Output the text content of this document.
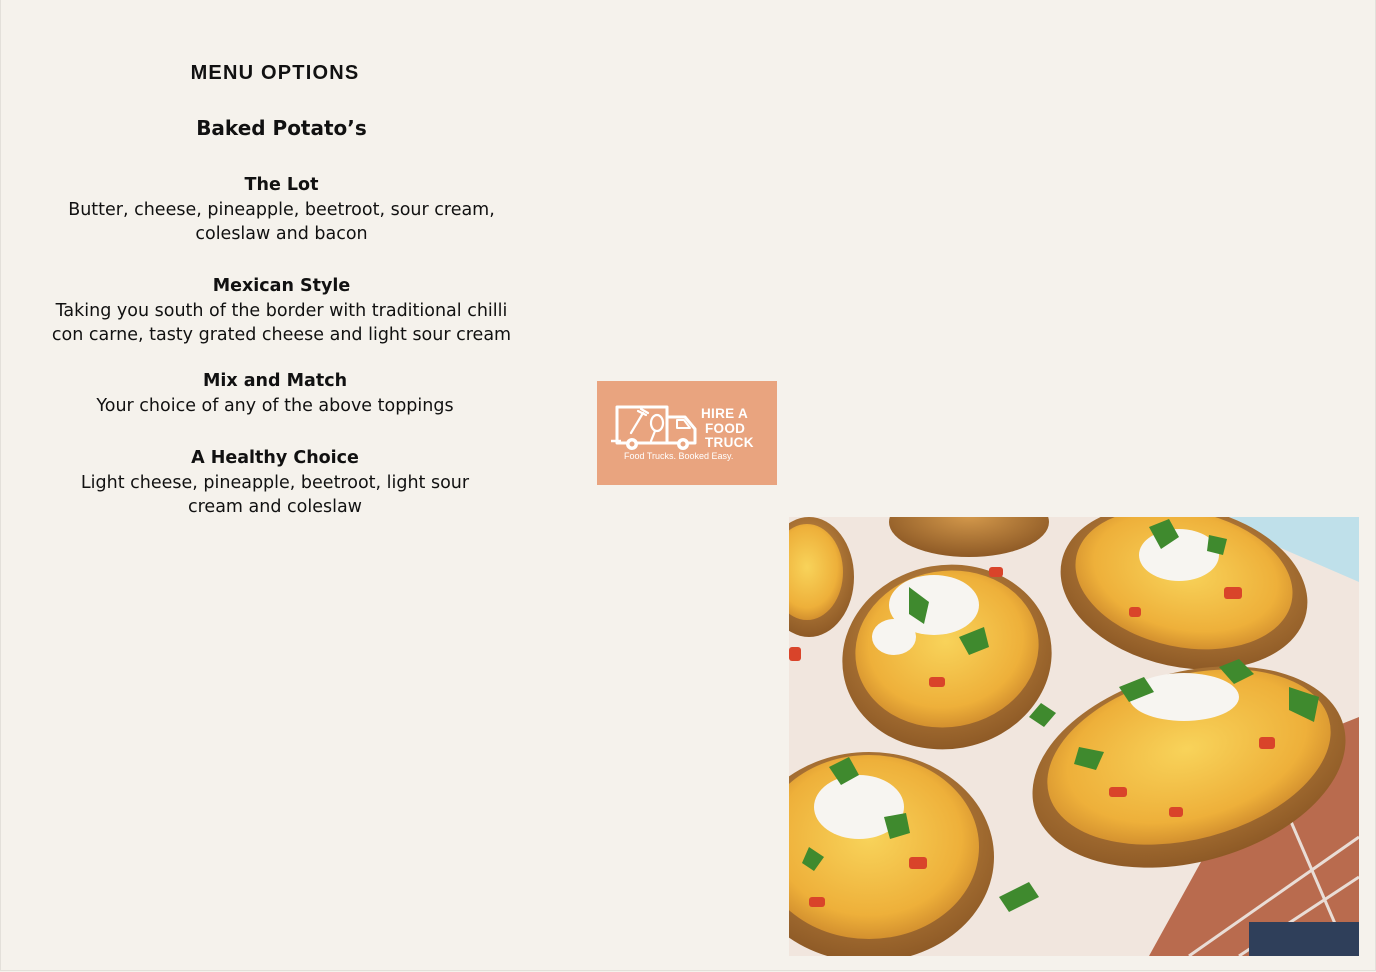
MENU OPTIONS
Baked Potato’s
The Lot
Butter, cheese, pineapple, beetroot, sour cream,
coleslaw and bacon
Mexican Style
Taking you south of the border with traditional chilli
con carne, tasty grated cheese and light sour cream
Mix and Match
Your choice of any of the above toppings
A Healthy Choice
Light cheese, pineapple, beetroot, light sour
cream and coleslaw
HIRE A
FOOD
TRUCK
Food Trucks. Booked Easy.
